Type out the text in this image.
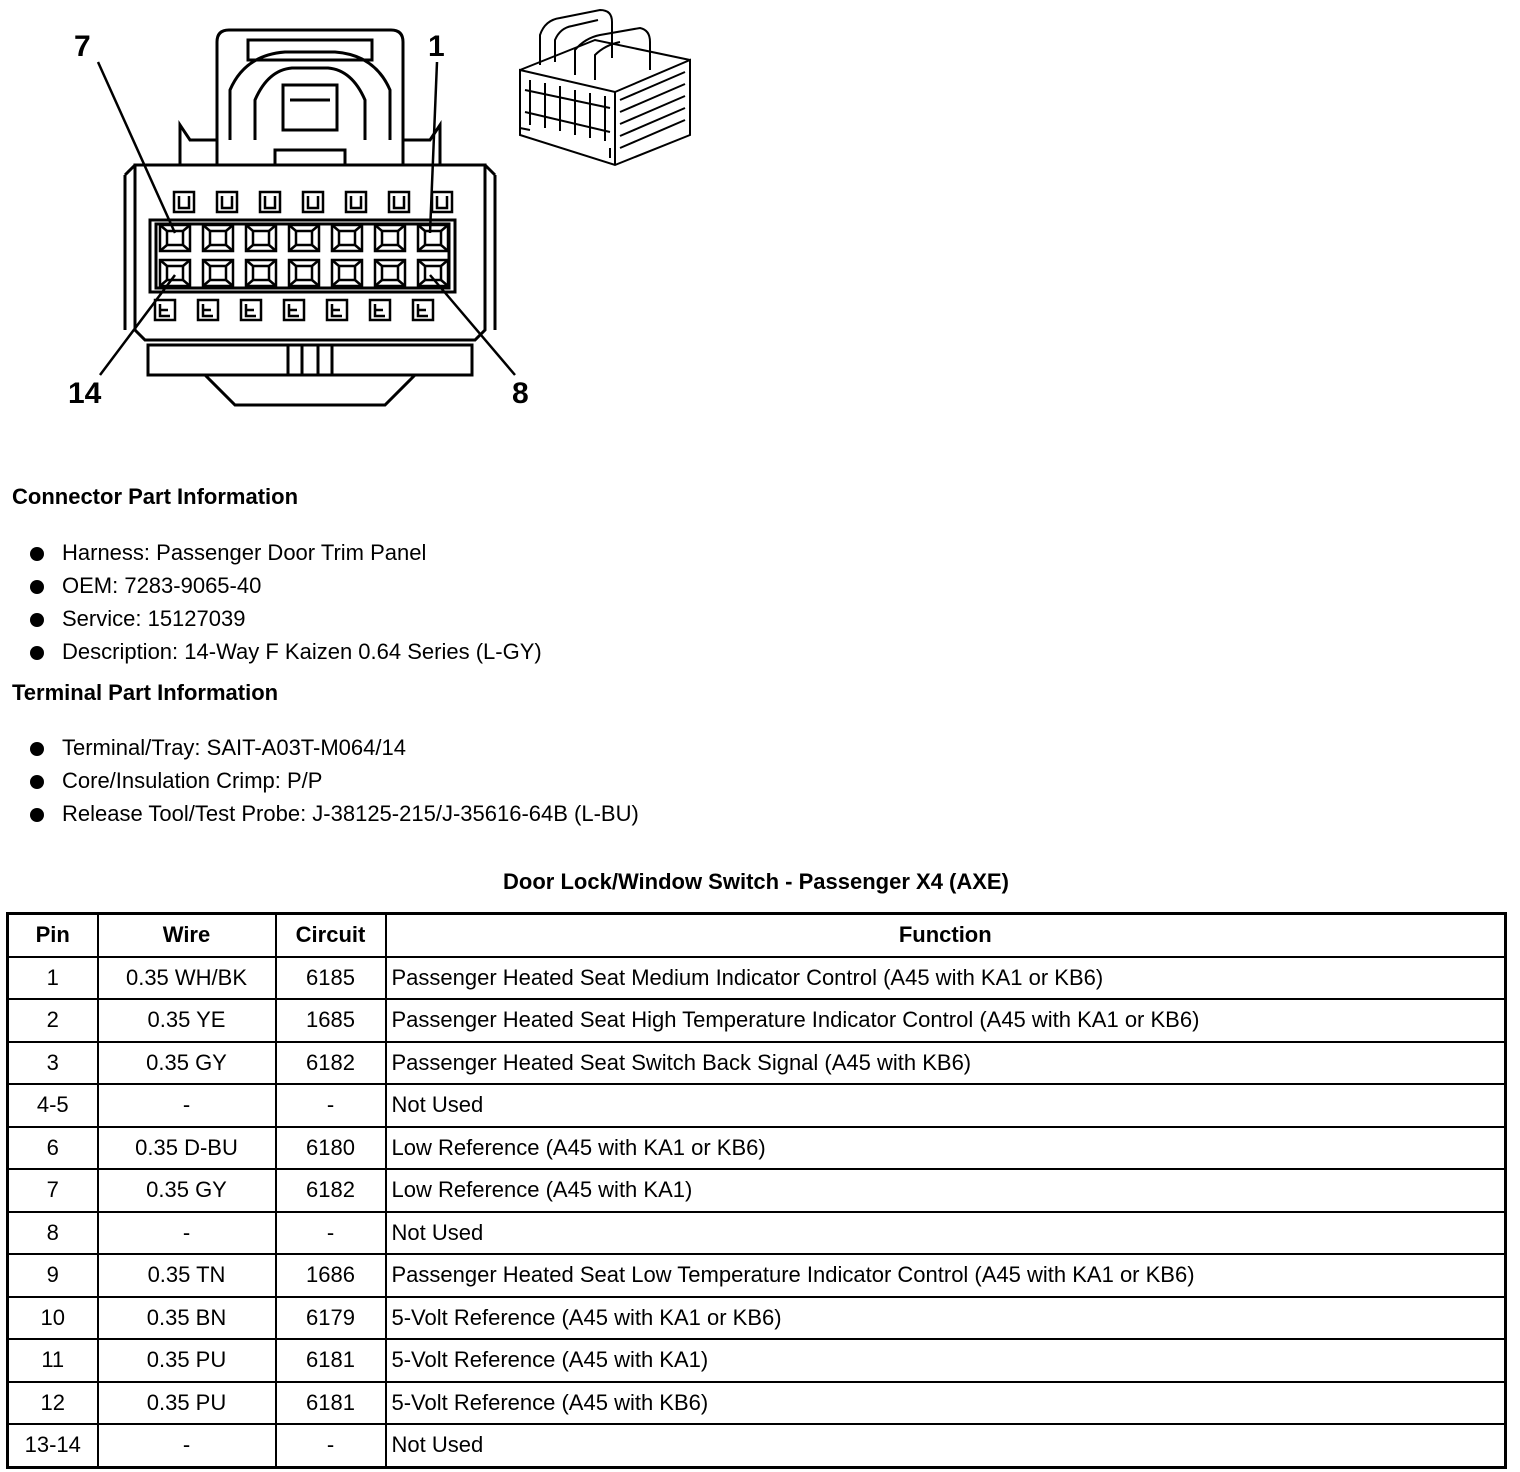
7	1
14	8
Connector Part Information
Harness: Passenger Door Trim Panel
OEM: 7283-9065-40
Service: 15127039
Description: 14-Way F Kaizen 0.64 Series (L-GY)
Terminal Part Information
Terminal/Tray: SAIT-A03T-M064/14
Core/Insulation Crimp: P/P
Release Tool/Test Probe: J-38125-215/J-35616-64B (L-BU)
Door Lock/Window Switch - Passenger X4 (AXE)
Pin	Wire	Circuit	Function
1	0.35 WH/BK	6185	Passenger Heated Seat Medium Indicator Control (A45 with KA1 or KB6)
2	0.35 YE	1685	Passenger Heated Seat High Temperature Indicator Control (A45 with KA1 or KB6)
3	0.35 GY	6182	Passenger Heated Seat Switch Back Signal (A45 with KB6)
4-5	-	-	Not Used
6	0.35 D-BU	6180	Low Reference (A45 with KA1 or KB6)
7	0.35 GY	6182	Low Reference (A45 with KA1)
8	-	-	Not Used
9	0.35 TN	1686	Passenger Heated Seat Low Temperature Indicator Control (A45 with KA1 or KB6)
10	0.35 BN	6179	5-Volt Reference (A45 with KA1 or KB6)
11	0.35 PU	6181	5-Volt Reference (A45 with KA1)
12	0.35 PU	6181	5-Volt Reference (A45 with KB6)
13-14	-	-	Not Used
